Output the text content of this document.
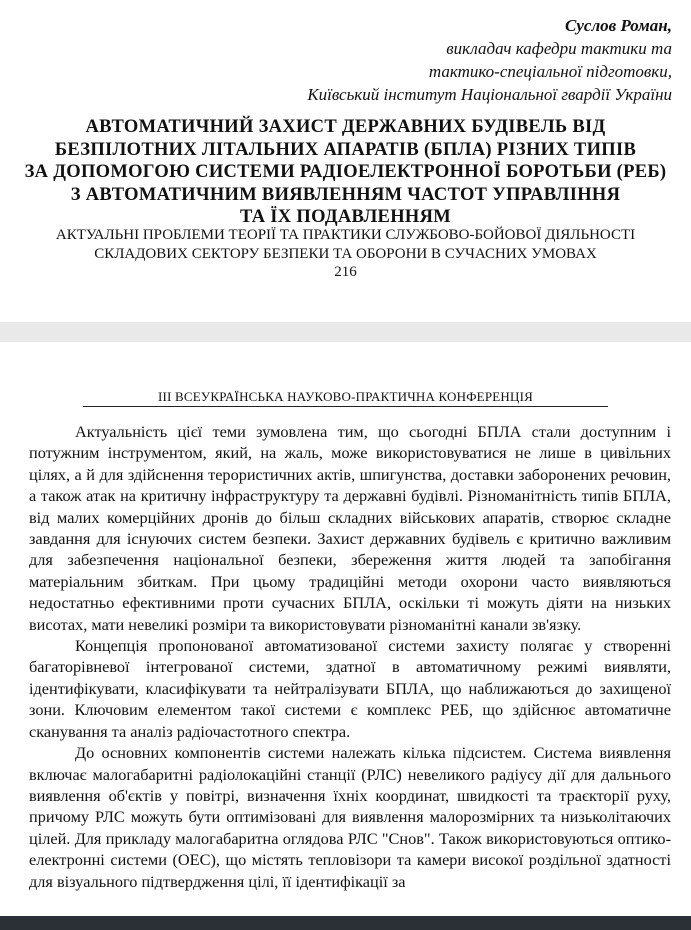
Суслов Роман,
викладач кафедри тактики та
тактико-спеціальної підготовки,
Київський інститут Національної гвардії України
АВТОМАТИЧНИЙ ЗАХИСТ ДЕРЖАВНИХ БУДІВЕЛЬ ВІД
БЕЗПІЛОТНИХ ЛІТАЛЬНИХ АПАРАТІВ (БПЛА) РІЗНИХ ТИПІВ
ЗА ДОПОМОГОЮ СИСТЕМИ РАДІОЕЛЕКТРОННОЇ БОРОТЬБИ (РЕБ)
З АВТОМАТИЧНИМ ВИЯВЛЕННЯМ ЧАСТОТ УПРАВЛІННЯ
ТА ЇХ ПОДАВЛЕННЯМ
АКТУАЛЬНІ ПРОБЛЕМИ ТЕОРІЇ ТА ПРАКТИКИ СЛУЖБОВО-БОЙОВОЇ ДІЯЛЬНОСТІ
СКЛАДОВИХ СЕКТОРУ БЕЗПЕКИ ТА ОБОРОНИ В СУЧАСНИХ УМОВАХ
216
ІІІ ВСЕУКРАЇНСЬКА НАУКОВО-ПРАКТИЧНА КОНФЕРЕНЦІЯ

Актуальність цієї теми зумовлена тим, що сьогодні БПЛА стали доступним і потужним інструментом, який, на жаль, може використовуватися не лише в цивільних цілях, а й для здійснення терористичних актів, шпигунства, доставки заборонених речовин, а також атак на критичну інфраструктуру та державні будівлі. Різноманітність типів БПЛА, від малих комерційних дронів до більш складних військових апаратів, створює складне завдання для існуючих систем безпеки. Захист державних будівель є критично важливим для забезпечення національної безпеки, збереження життя людей та запобігання матеріальним збиткам. При цьому традиційні методи охорони часто виявляються недостатньо ефективними проти сучасних БПЛА, оскільки ті можуть діяти на низьких висотах, мати невеликі розміри та використовувати різноманітні канали зв'язку.

Концепція пропонованої автоматизованої системи захисту полягає у створенні багаторівневої інтегрованої системи, здатної в автоматичному режимі виявляти, ідентифікувати, класифікувати та нейтралізувати БПЛА, що наближаються до захищеної зони. Ключовим елементом такої системи є комплекс РЕБ, що здійснює автоматичне сканування та аналіз радіочастотного спектра.

До основних компонентів системи належать кілька підсистем. Система виявлення включає малогабаритні радіолокаційні станції (РЛС) невеликого радіусу дії для дальнього виявлення об'єктів у повітрі, визначення їхніх координат, швидкості та траєкторії руху, причому РЛС можуть бути оптимізовані для виявлення малорозмірних та низьколітаючих цілей. Для прикладу малогабаритна оглядова РЛС "Снов". Також використовуються оптико-електронні системи (ОЕС), що містять тепловізори та камери високої роздільної здатності для візуального підтвердження цілі, її ідентифікації за
